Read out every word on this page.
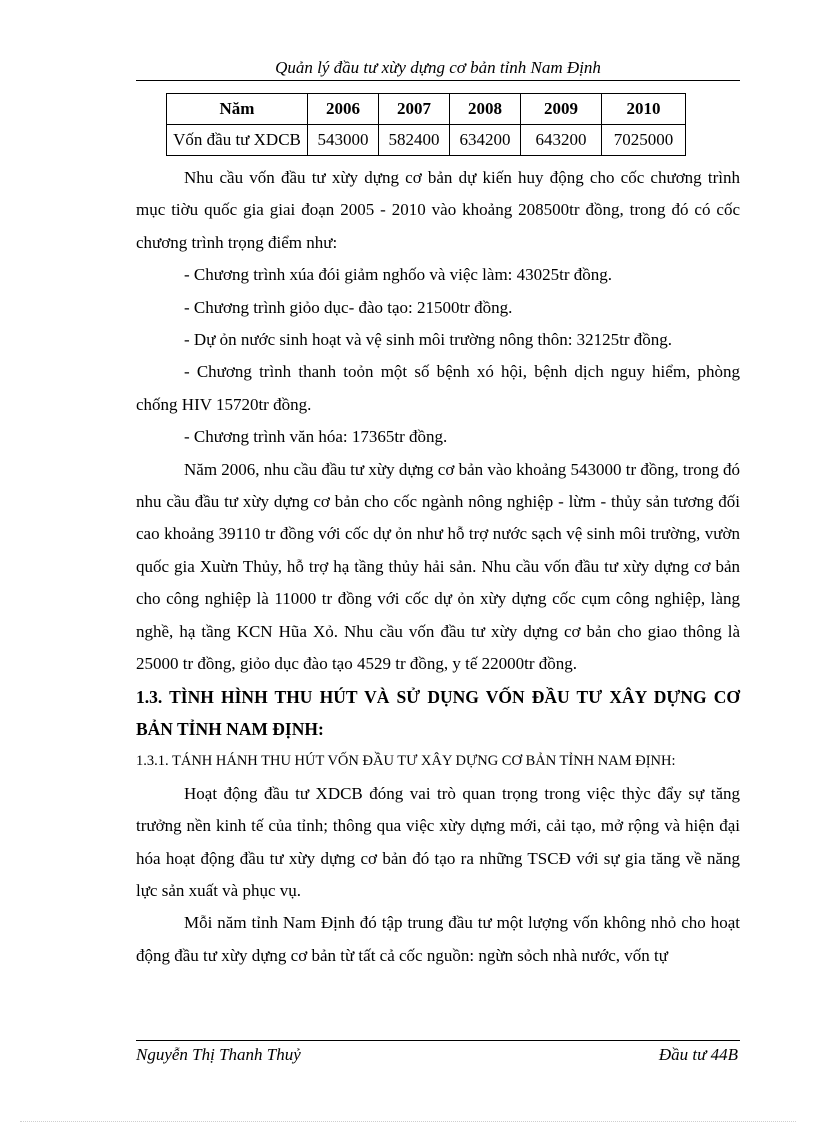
Quản lý đầu tư xừy dựng cơ bản tỉnh Nam Định
Năm	2006	2007	2008	2009	2010
Vốn đầu tư XDCB	543000	582400	634200	643200	7025000

Nhu cầu vốn đầu tư xừy dựng cơ bản dự kiến huy động cho cốc chương trình mục tiờu quốc gia giai đoạn 2005 - 2010 vào khoảng 208500tr đồng, trong đó có cốc chương trình trọng điểm như:

- Chương trình xúa đói giảm nghốo và việc làm: 43025tr đồng.

- Chương trình giỏo dục- đào tạo: 21500tr đồng.

- Dự ỏn nước sinh hoạt và vệ sinh môi trường nông thôn: 32125tr đồng.

- Chương trình thanh toỏn một số bệnh xó hội, bệnh dịch nguy hiểm, phòng chống HIV 15720tr đồng.

- Chương trình văn hóa: 17365tr đồng.

Năm 2006, nhu cầu đầu tư xừy dựng cơ bản vào khoảng 543000 tr đồng, trong đó nhu cầu đầu tư xừy dựng cơ bản cho cốc ngành nông nghiệp - lừm - thủy sản tương đối cao khoảng 39110 tr đồng với cốc dự ỏn như hỗ trợ nước sạch vệ sinh môi trường, vườn quốc gia Xuừn Thủy, hỗ trợ hạ tầng thủy hải sản. Nhu cầu vốn đầu tư xừy dựng cơ bản cho công nghiệp là 11000 tr đồng với cốc dự ỏn xừy dựng cốc cụm công nghiệp, làng nghề, hạ tầng KCN Hũa Xỏ. Nhu cầu vốn đầu tư xừy dựng cơ bản cho giao thông là 25000 tr đồng, giỏo dục đào tạo 4529 tr đồng, y tế 22000tr đồng.

1.3. TÌNH HÌNH THU HÚT VÀ SỬ DỤNG VỐN ĐẦU TƯ XÂY DỰNG CƠ BẢN TỈNH NAM ĐỊNH:

1.3.1. TÁNH HÁNH THU HÚT VỐN ĐẦU TƯ XÂY DỰNG CƠ BẢN TỈNH NAM ĐỊNH:

Hoạt động đầu tư XDCB đóng vai trò quan trọng trong việc thỳc đẩy sự tăng trưởng nền kinh tế của tỉnh; thông qua việc xừy dựng mới, cải tạo, mở rộng và hiện đại hóa hoạt động đầu tư xừy dựng cơ bản đó tạo ra những TSCĐ với sự gia tăng về năng lực sản xuất và phục vụ.

Mỗi năm tỉnh Nam Định đó tập trung đầu tư một lượng vốn không nhỏ cho hoạt động đầu tư xừy dựng cơ bản từ tất cả cốc nguồn: ngừn sỏch nhà nước, vốn tự

Nguyễn Thị Thanh Thuỷ	Đầu tư 44B
